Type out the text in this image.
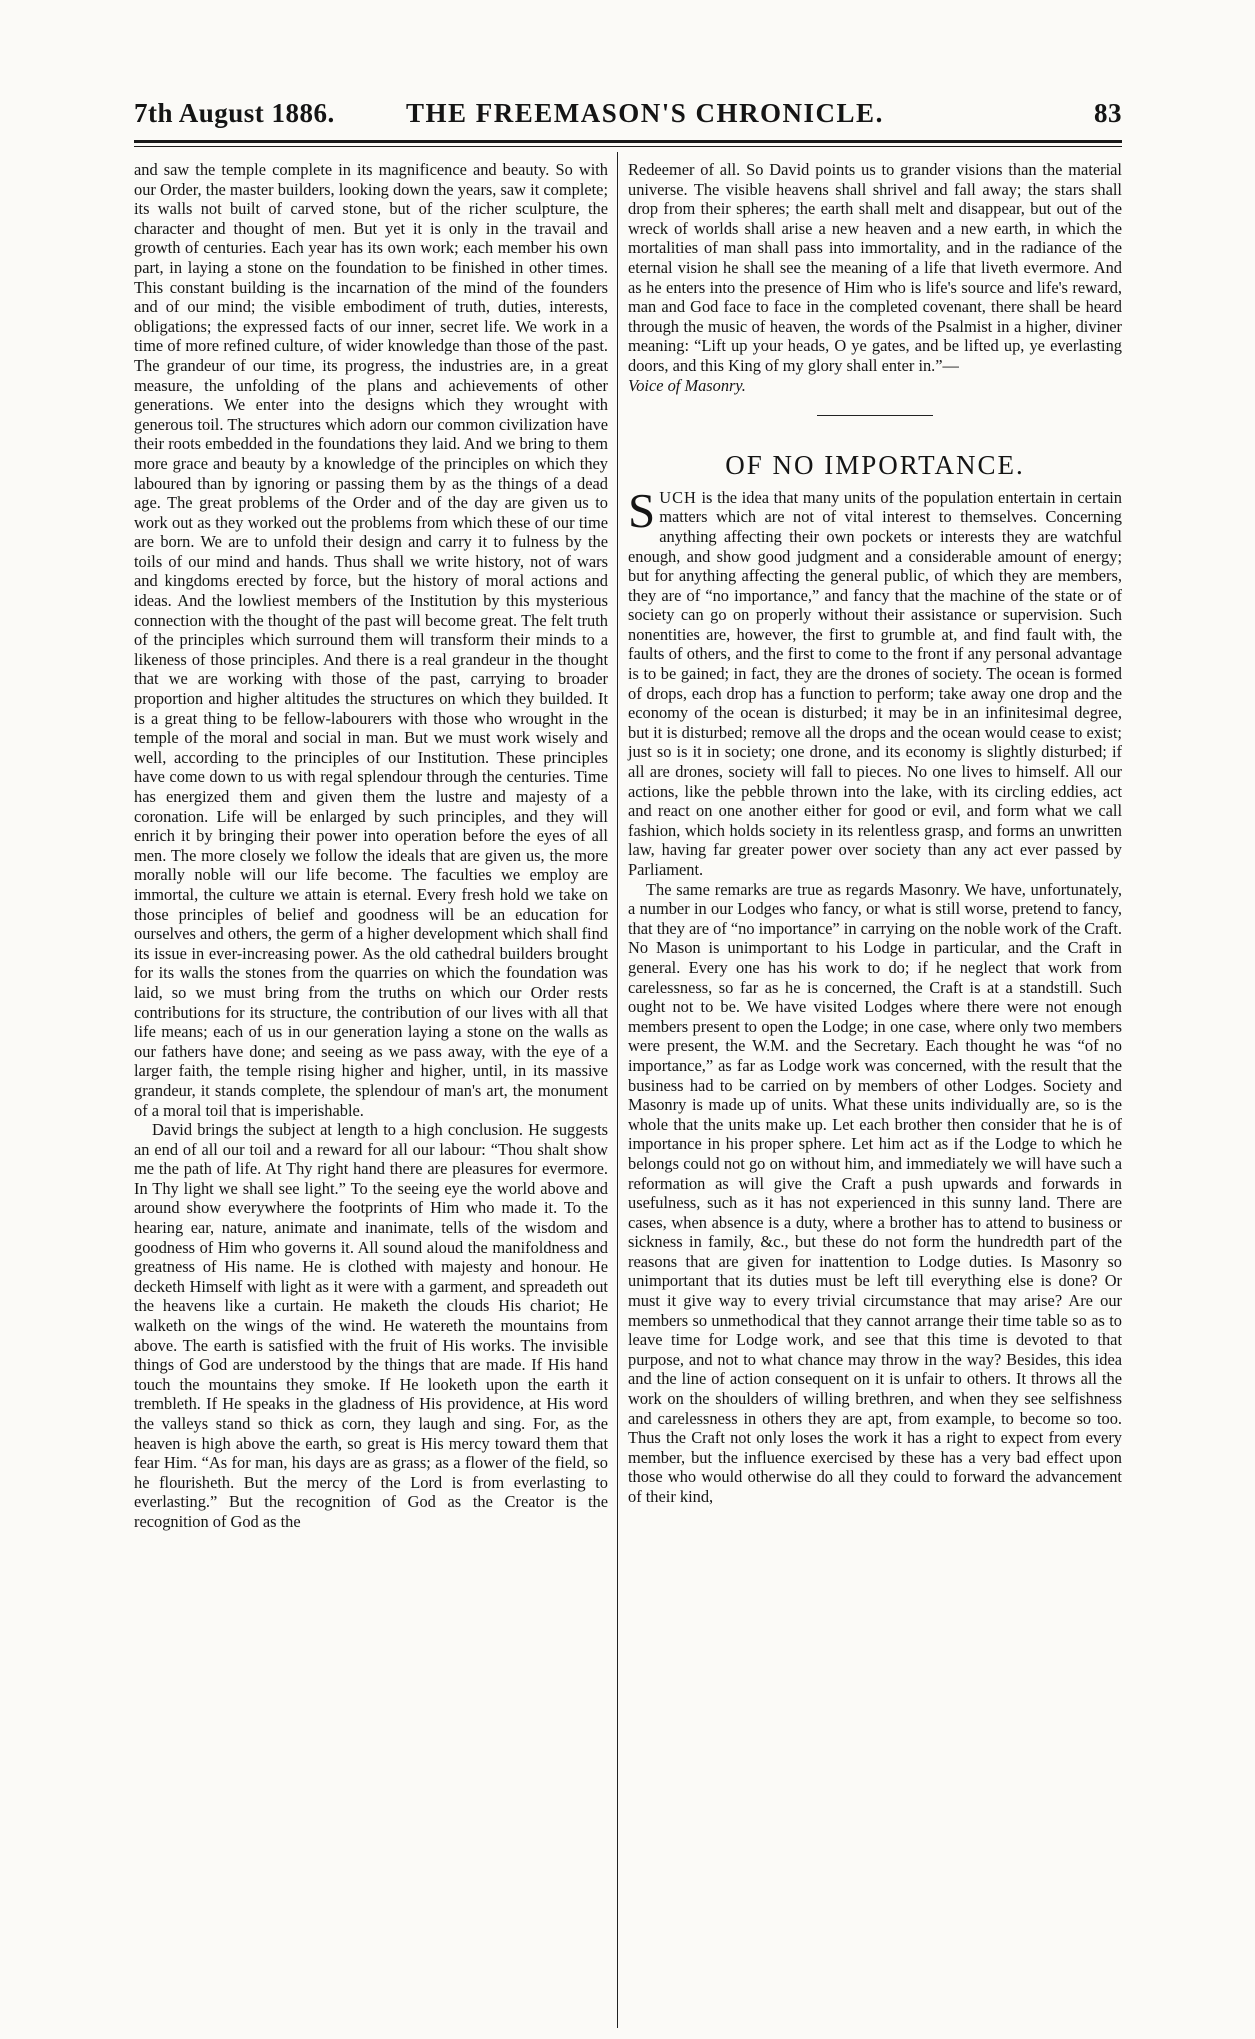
7th August 1886.	THE FREEMASON'S CHRONICLE.	83

and saw the temple complete in its magnificence and beauty. So with our Order, the master builders, looking down the years, saw it complete; its walls not built of carved stone, but of the richer sculpture, the character and thought of men. But yet it is only in the travail and growth of centuries. Each year has its own work; each member his own part, in laying a stone on the foundation to be finished in other times. This constant building is the incarnation of the mind of the founders and of our mind; the visible embodiment of truth, duties, interests, obligations; the expressed facts of our inner, secret life. We work in a time of more refined culture, of wider knowledge than those of the past. The grandeur of our time, its progress, the industries are, in a great measure, the unfolding of the plans and achievements of other generations. We enter into the designs which they wrought with generous toil. The structures which adorn our common civilization have their roots embedded in the foundations they laid. And we bring to them more grace and beauty by a knowledge of the principles on which they laboured than by ignoring or passing them by as the things of a dead age. The great problems of the Order and of the day are given us to work out as they worked out the problems from which these of our time are born. We are to unfold their design and carry it to fulness by the toils of our mind and hands. Thus shall we write history, not of wars and kingdoms erected by force, but the history of moral actions and ideas. And the lowliest members of the Institution by this mysterious connection with the thought of the past will become great. The felt truth of the principles which surround them will transform their minds to a likeness of those principles. And there is a real grandeur in the thought that we are working with those of the past, carrying to broader proportion and higher altitudes the structures on which they builded. It is a great thing to be fellow-labourers with those who wrought in the temple of the moral and social in man. But we must work wisely and well, according to the principles of our Institution. These principles have come down to us with regal splendour through the centuries. Time has energized them and given them the lustre and majesty of a coronation. Life will be enlarged by such principles, and they will enrich it by bringing their power into operation before the eyes of all men. The more closely we follow the ideals that are given us, the more morally noble will our life become. The faculties we employ are immortal, the culture we attain is eternal. Every fresh hold we take on those principles of belief and goodness will be an education for ourselves and others, the germ of a higher development which shall find its issue in ever-increasing power. As the old cathedral builders brought for its walls the stones from the quarries on which the foundation was laid, so we must bring from the truths on which our Order rests contributions for its structure, the contribution of our lives with all that life means; each of us in our generation laying a stone on the walls as our fathers have done; and seeing as we pass away, with the eye of a larger faith, the temple rising higher and higher, until, in its massive grandeur, it stands complete, the splendour of man's art, the monument of a moral toil that is imperishable.

David brings the subject at length to a high conclusion. He suggests an end of all our toil and a reward for all our labour: “Thou shalt show me the path of life. At Thy right hand there are pleasures for evermore. In Thy light we shall see light.” To the seeing eye the world above and around show everywhere the footprints of Him who made it. To the hearing ear, nature, animate and inanimate, tells of the wisdom and goodness of Him who governs it. All sound aloud the manifoldness and greatness of His name. He is clothed with majesty and honour. He decketh Himself with light as it were with a garment, and spreadeth out the heavens like a curtain. He maketh the clouds His chariot; He walketh on the wings of the wind. He watereth the mountains from above. The earth is satisfied with the fruit of His works. The invisible things of God are understood by the things that are made. If His hand touch the mountains they smoke. If He looketh upon the earth it trembleth. If He speaks in the gladness of His providence, at His word the valleys stand so thick as corn, they laugh and sing. For, as the heaven is high above the earth, so great is His mercy toward them that fear Him. “As for man, his days are as grass; as a flower of the field, so he flourisheth. But the mercy of the Lord is from everlasting to everlasting.” But the recognition of God as the Creator is the recognition of God as the

Redeemer of all. So David points us to grander visions than the material universe. The visible heavens shall shrivel and fall away; the stars shall drop from their spheres; the earth shall melt and disappear, but out of the wreck of worlds shall arise a new heaven and a new earth, in which the mortalities of man shall pass into immortality, and in the radiance of the eternal vision he shall see the meaning of a life that liveth evermore. And as he enters into the presence of Him who is life's source and life's reward, man and God face to face in the completed covenant, there shall be heard through the music of heaven, the words of the Psalmist in a higher, diviner meaning: “Lift up your heads, O ye gates, and be lifted up, ye everlasting doors, and this King of my glory shall enter in.”—
Voice of Masonry.

OF NO IMPORTANCE.

SUCH is the idea that many units of the population entertain in certain matters which are not of vital interest to themselves. Concerning anything affecting their own pockets or interests they are watchful enough, and show good judgment and a considerable amount of energy; but for anything affecting the general public, of which they are members, they are of “no importance,” and fancy that the machine of the state or of society can go on properly without their assistance or supervision. Such nonentities are, however, the first to grumble at, and find fault with, the faults of others, and the first to come to the front if any personal advantage is to be gained; in fact, they are the drones of society. The ocean is formed of drops, each drop has a function to perform; take away one drop and the economy of the ocean is disturbed; it may be in an infinitesimal degree, but it is disturbed; remove all the drops and the ocean would cease to exist; just so is it in society; one drone, and its economy is slightly disturbed; if all are drones, society will fall to pieces. No one lives to himself. All our actions, like the pebble thrown into the lake, with its circling eddies, act and react on one another either for good or evil, and form what we call fashion, which holds society in its relentless grasp, and forms an unwritten law, having far greater power over society than any act ever passed by Parliament.

The same remarks are true as regards Masonry. We have, unfortunately, a number in our Lodges who fancy, or what is still worse, pretend to fancy, that they are of “no importance” in carrying on the noble work of the Craft. No Mason is unimportant to his Lodge in particular, and the Craft in general. Every one has his work to do; if he neglect that work from carelessness, so far as he is concerned, the Craft is at a standstill. Such ought not to be. We have visited Lodges where there were not enough members present to open the Lodge; in one case, where only two members were present, the W.M. and the Secretary. Each thought he was “of no importance,” as far as Lodge work was concerned, with the result that the business had to be carried on by members of other Lodges. Society and Masonry is made up of units. What these units individually are, so is the whole that the units make up. Let each brother then consider that he is of importance in his proper sphere. Let him act as if the Lodge to which he belongs could not go on without him, and immediately we will have such a reformation as will give the Craft a push upwards and forwards in usefulness, such as it has not experienced in this sunny land. There are cases, when absence is a duty, where a brother has to attend to business or sickness in family, &c., but these do not form the hundredth part of the reasons that are given for inattention to Lodge duties. Is Masonry so unimportant that its duties must be left till everything else is done? Or must it give way to every trivial circumstance that may arise? Are our members so unmethodical that they cannot arrange their time table so as to leave time for Lodge work, and see that this time is devoted to that purpose, and not to what chance may throw in the way? Besides, this idea and the line of action consequent on it is unfair to others. It throws all the work on the shoulders of willing brethren, and when they see selfishness and carelessness in others they are apt, from example, to become so too. Thus the Craft not only loses the work it has a right to expect from every member, but the influence exercised by these has a very bad effect upon those who would otherwise do all they could to forward the advancement of their kind,
